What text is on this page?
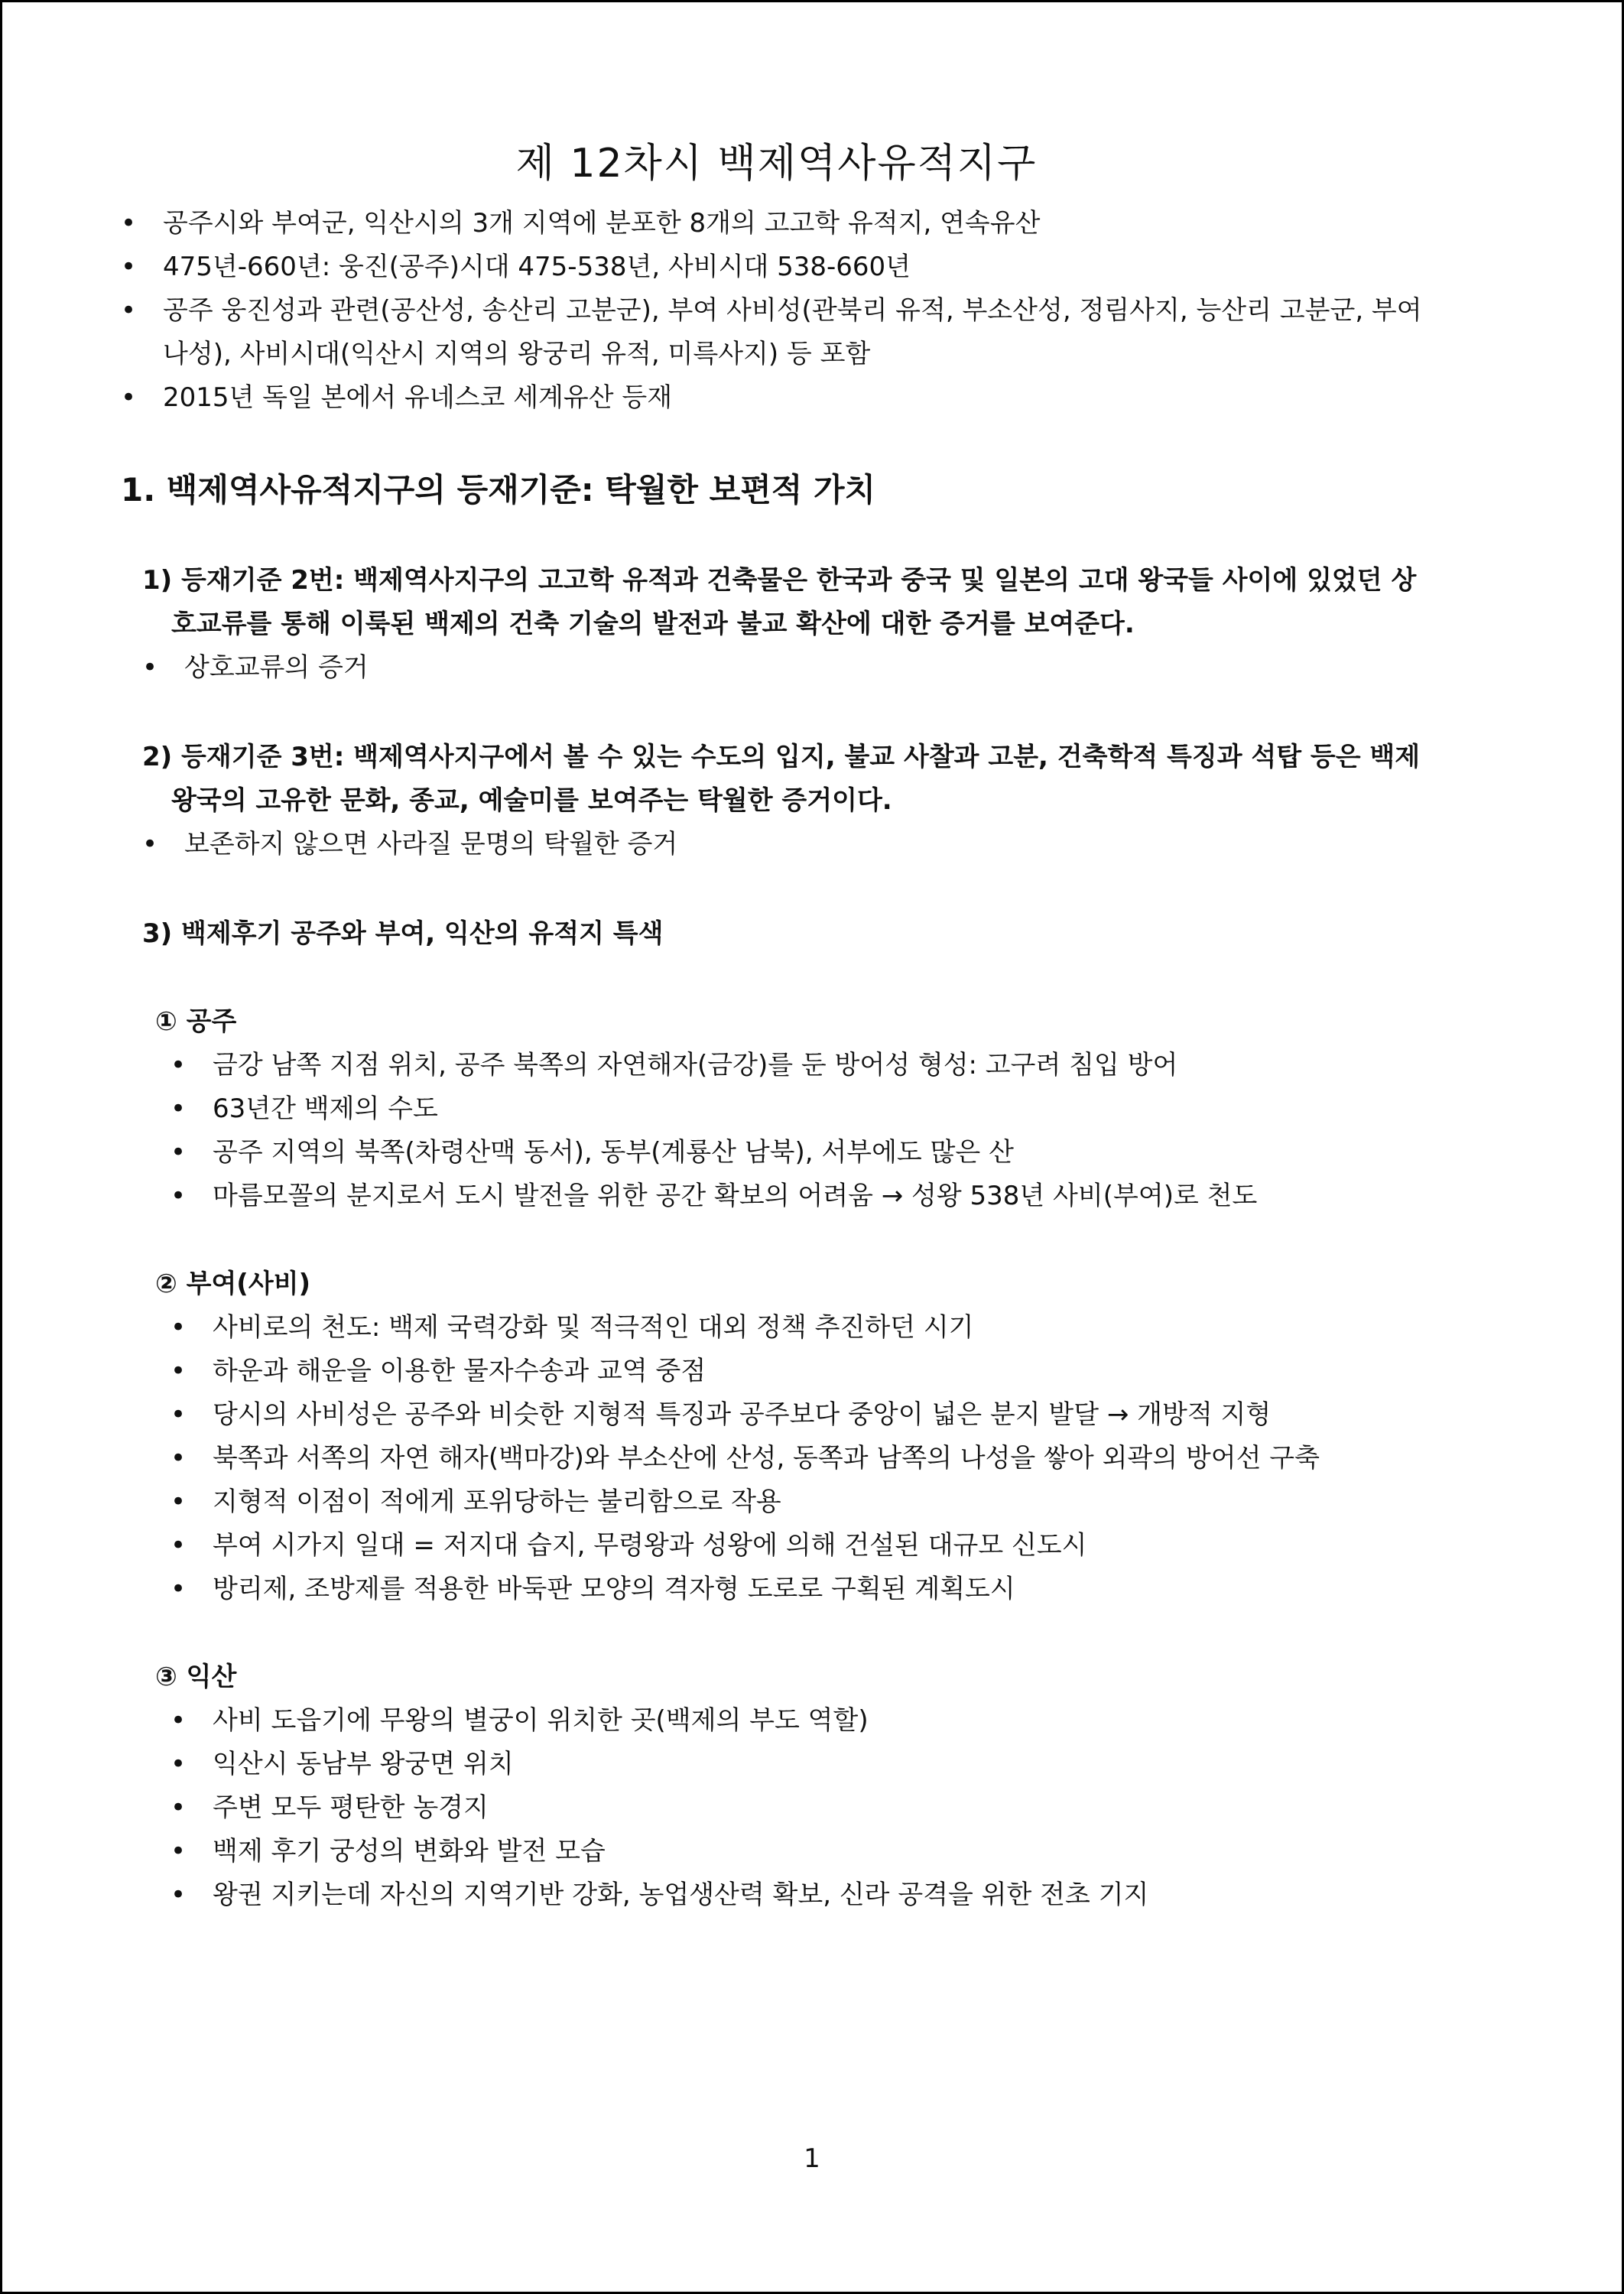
제 12차시 백제역사유적지구
• 공주시와 부여군, 익산시의 3개 지역에 분포한 8개의 고고학 유적지, 연속유산
• 475년-660년: 웅진(공주)시대 475-538년, 사비시대 538-660년
• 공주 웅진성과 관련(공산성, 송산리 고분군), 부여 사비성(관북리 유적, 부소산성, 정림사지, 능산리 고분군, 부여 나성), 사비시대(익산시 지역의 왕궁리 유적, 미륵사지) 등 포함
• 2015년 독일 본에서 유네스코 세계유산 등재
1. 백제역사유적지구의 등재기준: 탁월한 보편적 가치
1) 등재기준 2번: 백제역사지구의 고고학 유적과 건축물은 한국과 중국 및 일본의 고대 왕국들 사이에 있었던 상호교류를 통해 이룩된 백제의 건축 기술의 발전과 불교 확산에 대한 증거를 보여준다.
• 상호교류의 증거
2) 등재기준 3번: 백제역사지구에서 볼 수 있는 수도의 입지, 불교 사찰과 고분, 건축학적 특징과 석탑 등은 백제 왕국의 고유한 문화, 종교, 예술미를 보여주는 탁월한 증거이다.
• 보존하지 않으면 사라질 문명의 탁월한 증거
3) 백제후기 공주와 부여, 익산의 유적지 특색
① 공주
• 금강 남쪽 지점 위치, 공주 북쪽의 자연해자(금강)를 둔 방어성 형성: 고구려 침입 방어
• 63년간 백제의 수도
• 공주 지역의 북쪽(차령산맥 동서), 동부(계룡산 남북), 서부에도 많은 산
• 마름모꼴의 분지로서 도시 발전을 위한 공간 확보의 어려움 → 성왕 538년 사비(부여)로 천도
② 부여(사비)
• 사비로의 천도: 백제 국력강화 및 적극적인 대외 정책 추진하던 시기
• 하운과 해운을 이용한 물자수송과 교역 중점
• 당시의 사비성은 공주와 비슷한 지형적 특징과 공주보다 중앙이 넓은 분지 발달 → 개방적 지형
• 북쪽과 서쪽의 자연 해자(백마강)와 부소산에 산성, 동쪽과 남쪽의 나성을 쌓아 외곽의 방어선 구축
• 지형적 이점이 적에게 포위당하는 불리함으로 작용
• 부여 시가지 일대 = 저지대 습지, 무령왕과 성왕에 의해 건설된 대규모 신도시
• 방리제, 조방제를 적용한 바둑판 모양의 격자형 도로로 구획된 계획도시
③ 익산
• 사비 도읍기에 무왕의 별궁이 위치한 곳(백제의 부도 역할)
• 익산시 동남부 왕궁면 위치
• 주변 모두 평탄한 농경지
• 백제 후기 궁성의 변화와 발전 모습
• 왕권 지키는데 자신의 지역기반 강화, 농업생산력 확보, 신라 공격을 위한 전초 기지
1
